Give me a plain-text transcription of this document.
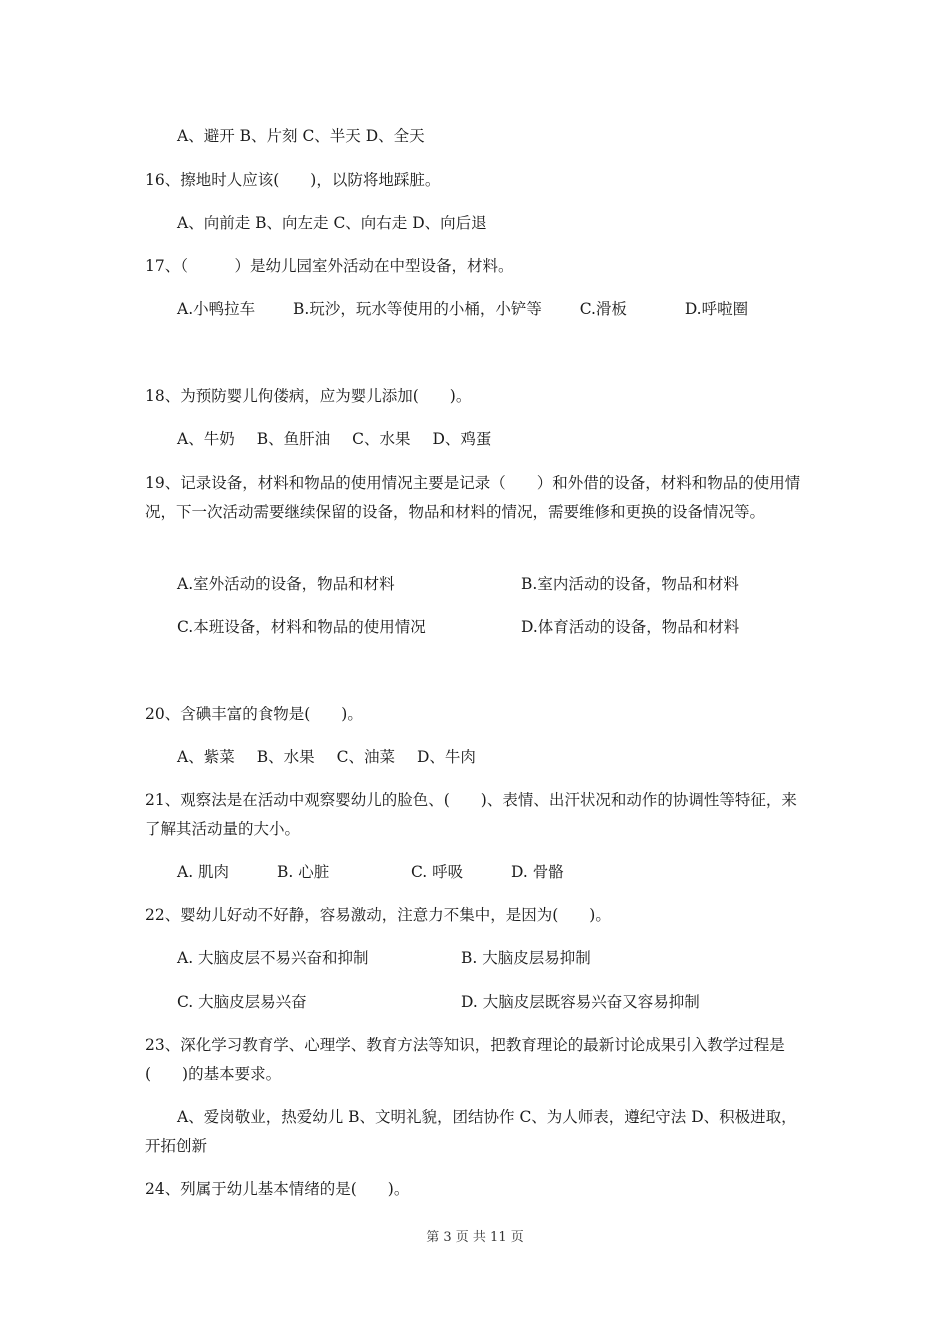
A、避开 B、片刻 C、半天 D、全天
16、擦地时人应该(　　)，以防将地踩脏。
A、向前走 B、向左走 C、向右走 D、向后退
17、（　　　）是幼儿园室外活动在中型设备，材料。
A.小鸭拉车 B.玩沙，玩水等使用的小桶，小铲等 C.滑板	D.呼啦圈
18、为预防婴儿佝偻病，应为婴儿添加(　　)。
A、牛奶 B、鱼肝油 C、水果 D、鸡蛋
19、记录设备，材料和物品的使用情况主要是记录（　　）和外借的设备，材料和物品的使用情况，下一次活动需要继续保留的设备，物品和材料的情况，需要维修和更换的设备情况等。
A.室外活动的设备，物品和材料	B.室内活动的设备，物品和材料
C.本班设备，材料和物品的使用情况	D.体育活动的设备，物品和材料
20、含碘丰富的食物是(　　)。
A、紫菜 B、水果 C、油菜 D、牛肉
21、观察法是在活动中观察婴幼儿的脸色、(　　)、表情、出汗状况和动作的协调性等特征，来了解其活动量的大小。
A. 肌肉	B. 心脏	C. 呼吸	D. 骨骼
22、婴幼儿好动不好静，容易激动，注意力不集中，是因为(　　)。
A. 大脑皮层不易兴奋和抑制	B. 大脑皮层易抑制
C. 大脑皮层易兴奋	D. 大脑皮层既容易兴奋又容易抑制
23、深化学习教育学、心理学、教育方法等知识，把教育理论的最新讨论成果引入教学过程是(　　)的基本要求。
A、爱岗敬业，热爱幼儿 B、文明礼貌，团结协作 C、为人师表，遵纪守法 D、积极进取，开拓创新
24、列属于幼儿基本情绪的是(　　)。
第 3 页 共 11 页
